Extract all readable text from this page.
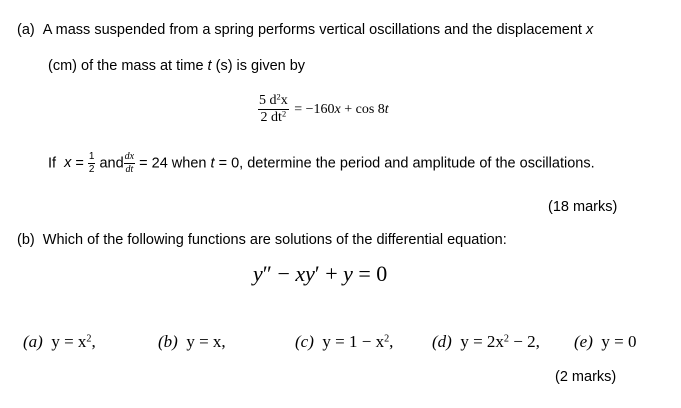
(a) A mass suspended from a spring performs vertical oscillations and the displacement x
(cm) of the mass at time t (s) is given by
$\frac{5 d^2x}{2 dt^2} = -160x + \cos 8t$
If $x = \frac{1}{2}$ and $\frac{dx}{dt} = 24$ when t = 0, determine the period and amplitude of the oscillations.
(18 marks)
(b) Which of the following functions are solutions of the differential equation:
y″ − xy′ + y = 0
(a) $y = x^2$,	(b) y = x,	(c) $y = 1 - x^2$, (d) $y = 2x^2 - 2$, (e) y = 0
(2 marks)
